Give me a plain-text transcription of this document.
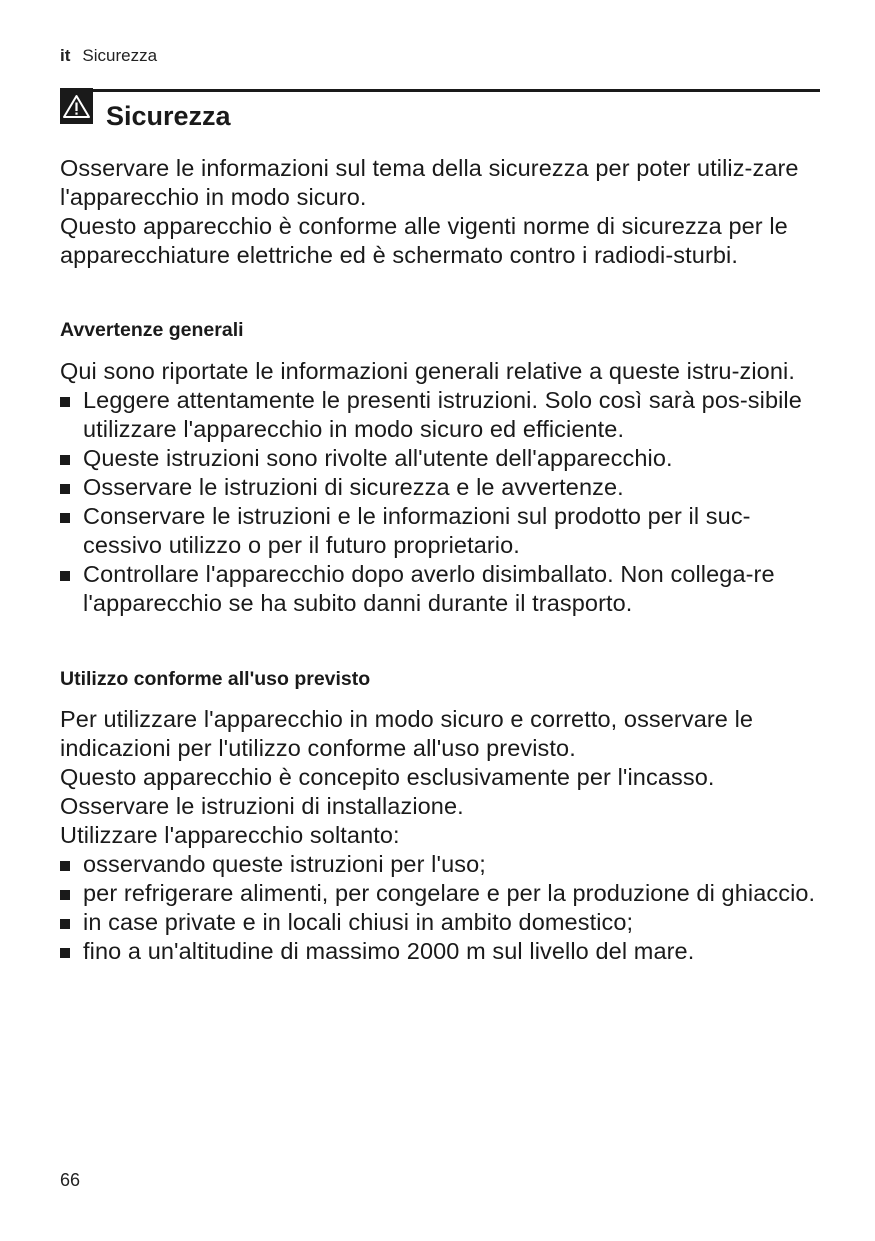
it Sicurezza
Sicurezza

Osservare le informazioni sul tema della sicurezza per poter utiliz-zare l'apparecchio in modo sicuro.

Questo apparecchio è conforme alle vigenti norme di sicurezza per le apparecchiature elettriche ed è schermato contro i radiodi-sturbi.

Avvertenze generali

Qui sono riportate le informazioni generali relative a queste istru-zioni.

Leggere attentamente le presenti istruzioni. Solo così sarà pos-sibile utilizzare l'apparecchio in modo sicuro ed efficiente.
Queste istruzioni sono rivolte all'utente dell'apparecchio.
Osservare le istruzioni di sicurezza e le avvertenze.
Conservare le istruzioni e le informazioni sul prodotto per il suc-cessivo utilizzo o per il futuro proprietario.
Controllare l'apparecchio dopo averlo disimballato. Non collega-re l'apparecchio se ha subito danni durante il trasporto.
Utilizzo conforme all'uso previsto

Per utilizzare l'apparecchio in modo sicuro e corretto, osservare le indicazioni per l'utilizzo conforme all'uso previsto.

Questo apparecchio è concepito esclusivamente per l'incasso.

Osservare le istruzioni di installazione.

Utilizzare l'apparecchio soltanto:

osservando queste istruzioni per l'uso;
per refrigerare alimenti, per congelare e per la produzione di ghiaccio.
in case private e in locali chiusi in ambito domestico;
fino a un'altitudine di massimo 2000 m sul livello del mare.
66
